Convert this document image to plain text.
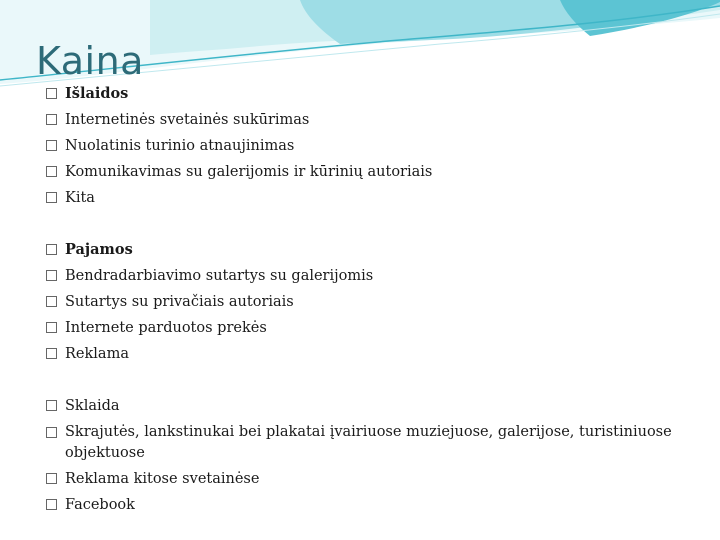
Kaina
Išlaidos
Internetinės svetainės sukūrimas
Nuolatinis turinio atnaujinimas
Komunikavimas su galerijomis ir kūrinių autoriais
Kita
Pajamos
Bendradarbiavimo sutartys su galerijomis
Sutartys su privačiais autoriais
Internete parduotos prekės
Reklama
Sklaida
Skrajutės, lankstinukai bei plakatai įvairiuose muziejuose, galerijose, turistiniuose objektuose
Reklama kitose svetainėse
Facebook
